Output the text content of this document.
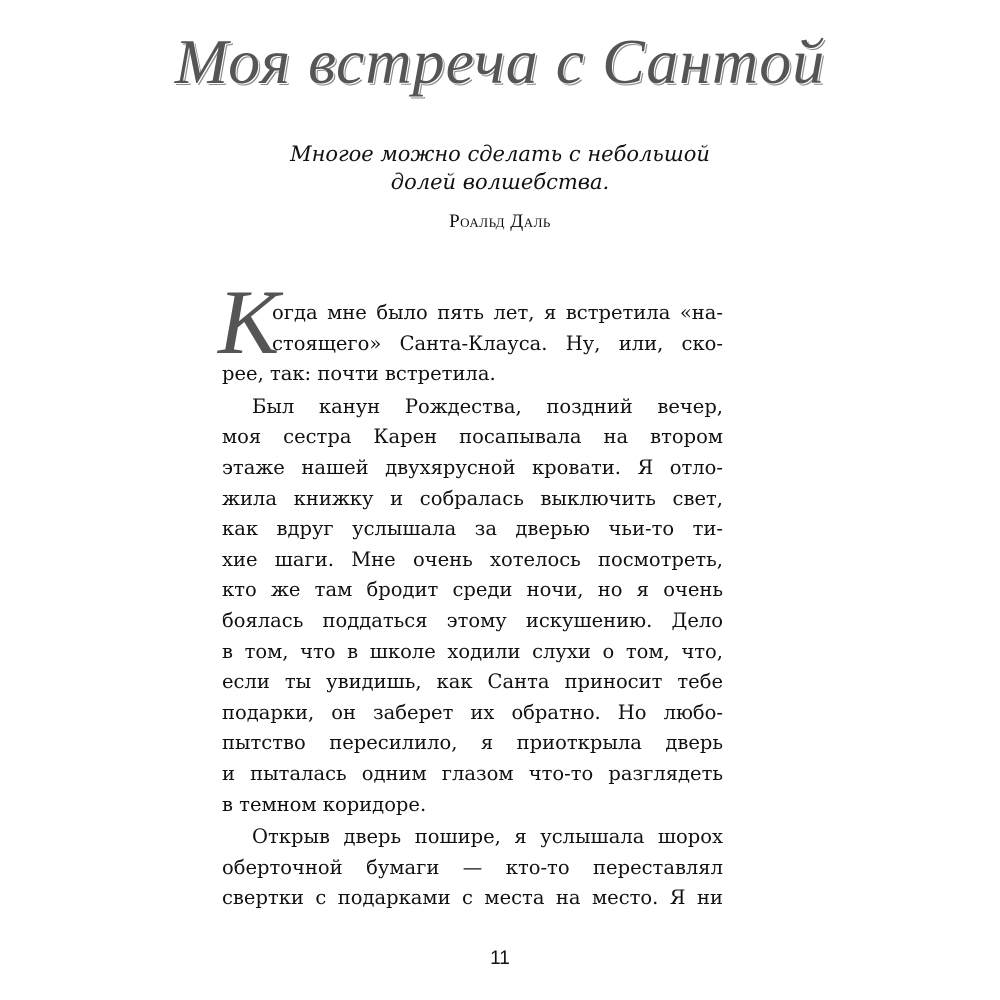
Моя встреча с Сантой
Многое можно сделать с небольшой
долей волшебства.
Роальд Даль
К
огда мне было пять лет, я встретила «на-
стоящего» Санта-Клауса. Ну, или, ско-
рее, так: почти встретила.
Был канун Рождества, поздний вечер,
моя сестра Карен посапывала на втором
этаже нашей двухярусной кровати. Я отло-
жила книжку и собралась выключить свет,
как вдруг услышала за дверью чьи-то ти-
хие шаги. Мне очень хотелось посмотреть,
кто же там бродит среди ночи, но я очень
боялась поддаться этому искушению. Дело
в том, что в школе ходили слухи о том, что,
если ты увидишь, как Санта приносит тебе
подарки, он заберет их обратно. Но любо-
пытство пересилило, я приоткрыла дверь
и пыталась одним глазом что-то разглядеть
в темном коридоре.
Открыв дверь пошире, я услышала шорох
оберточной бумаги — кто-то переставлял
свертки с подарками с места на место. Я ни
11
